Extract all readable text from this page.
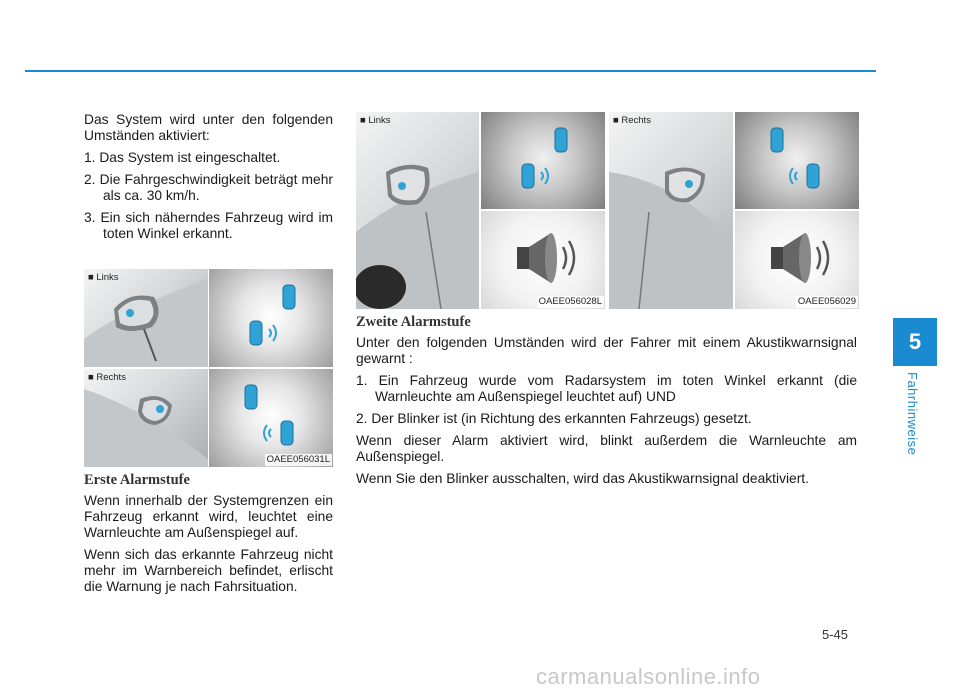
Das System wird unter den folgenden Umständen aktiviert:

1. Das System ist eingeschaltet.

2. Die Fahrgeschwindigkeit beträgt mehr als ca. 30 km/h.

3. Ein sich näherndes Fahrzeug wird im toten Winkel erkannt.

■ Links
■ Rechts
OAEE056031L

Erste Alarmstufe

Wenn innerhalb der Systemgrenzen ein Fahrzeug erkannt wird, leuchtet eine Warnleuchte am Außenspiegel auf.

Wenn sich das erkannte Fahrzeug nicht mehr im Warnbereich befindet, erlischt die Warnung je nach Fahrsituation.

■ Links
OAEE056028L
■ Rechts
OAEE056029

Zweite Alarmstufe

Unter den folgenden Umständen wird der Fahrer mit einem Akustikwarnsignal gewarnt :

1. Ein Fahrzeug wurde vom Radarsystem im toten Winkel erkannt (die Warnleuchte am Außenspiegel leuchtet auf) UND

2. Der Blinker ist (in Richtung des erkannten Fahrzeugs) gesetzt.

Wenn dieser Alarm aktiviert wird, blinkt außerdem die Warnleuchte am Außenspiegel.

Wenn Sie den Blinker ausschalten, wird das Akustikwarnsignal deaktiviert.

5
Fahrhinweise
5-45
carmanualsonline.info
